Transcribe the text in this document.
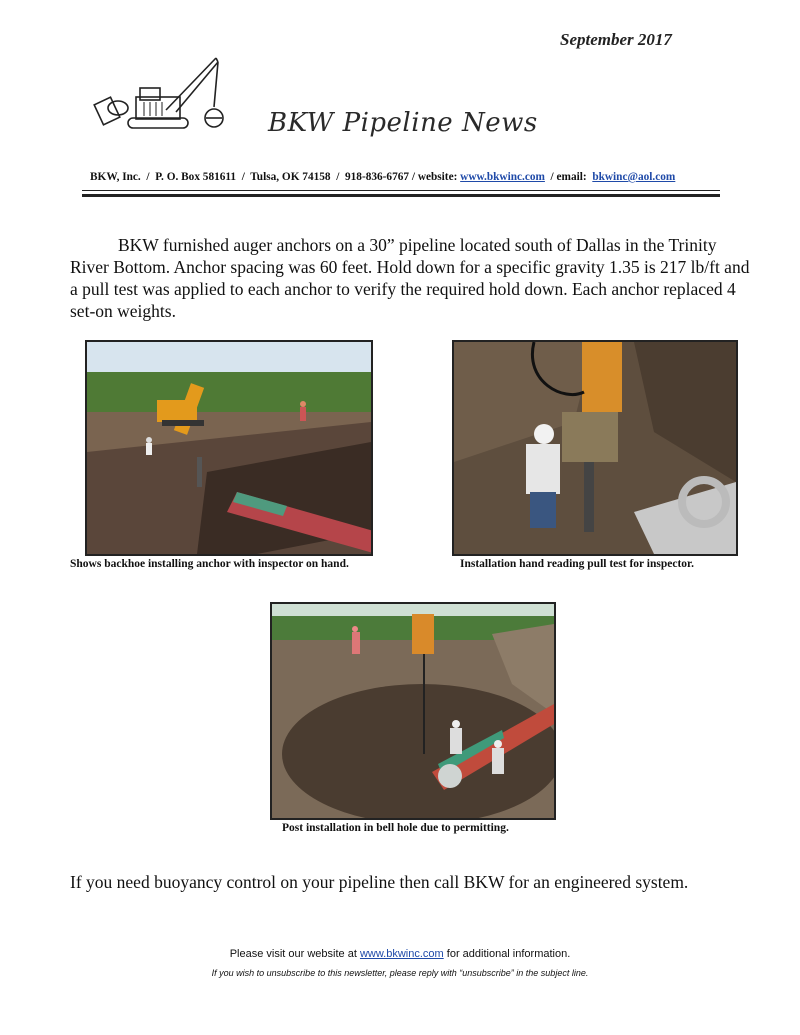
September 2017
BKW Pipeline News
BKW, Inc.  /  P. O. Box 581611  /  Tulsa, OK 74158  /  918-836-6767 / website: www.bkwinc.com  / email: bkwinc@aol.com
BKW furnished auger anchors on a 30” pipeline located south of Dallas in the Trinity River Bottom. Anchor spacing was 60 feet. Hold down for a specific gravity 1.35 is 217 lb/ft and a pull test was applied to each anchor to verify the required hold down. Each anchor replaced 4 set-on weights.
Shows backhoe installing anchor with inspector on hand.	Installation hand reading pull test for inspector.
Post installation in bell hole due to permitting.
If you need buoyancy control on your pipeline then call BKW for an engineered system.
Please visit our website at www.bkwinc.com for additional information.
If you wish to unsubscribe to this newsletter, please reply with “unsubscribe” in the subject line.
